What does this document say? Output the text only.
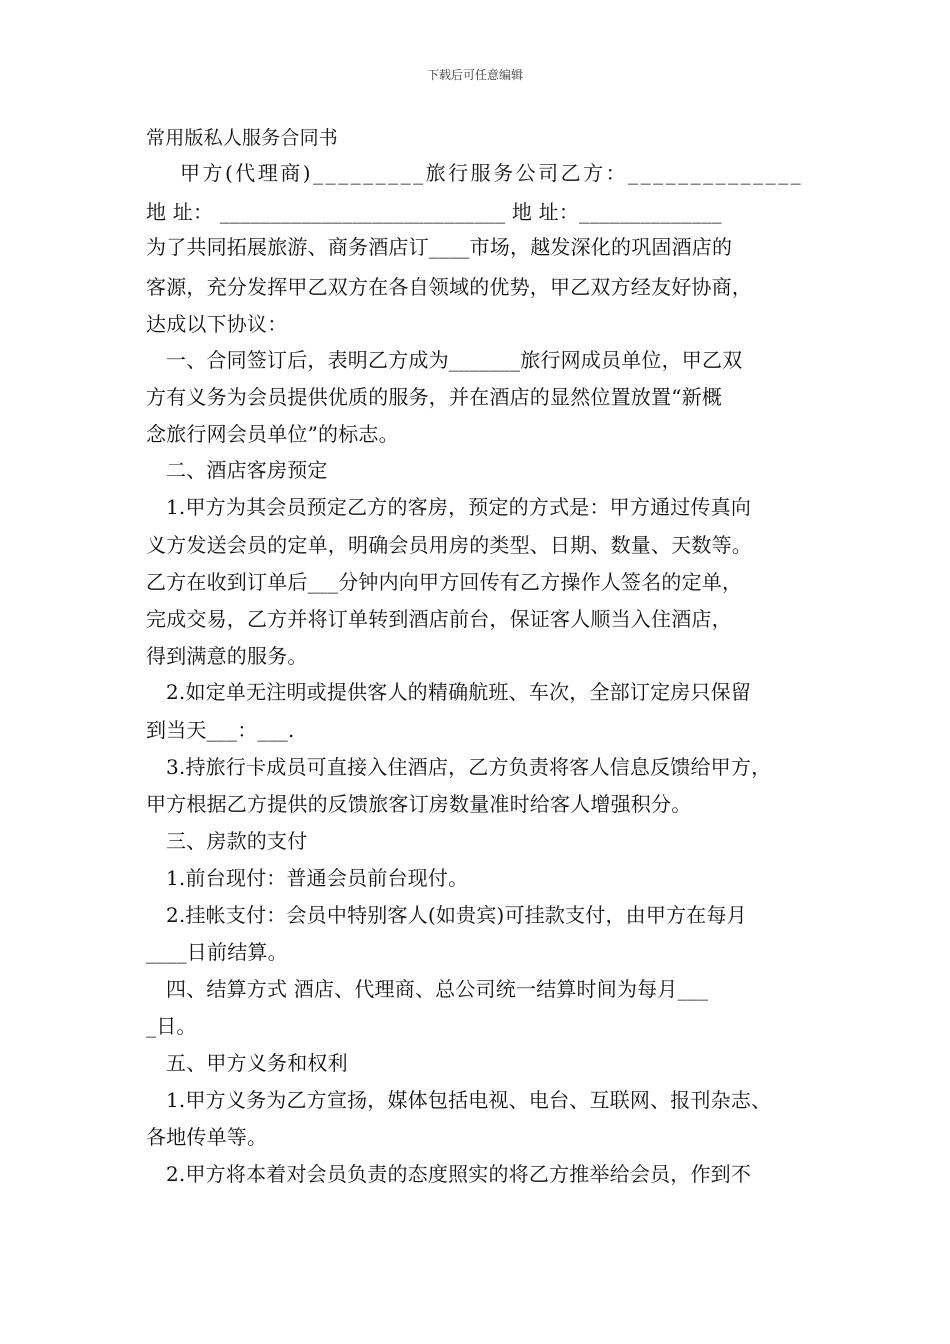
下载后可任意编辑
常用版私人服务合同书
甲方(代理商)_________旅行服务公司乙方：______________
地 址： ____________________________ 地 址：______________
为了共同拓展旅游、商务酒店订____市场，越发深化的巩固酒店的
客源，充分发挥甲乙双方在各自领域的优势，甲乙双方经友好协商，
达成以下协议：
一、合同签订后，表明乙方成为_______旅行网成员单位，甲乙双
方有义务为会员提供优质的服务，并在酒店的显然位置放置“新概
念旅行网会员单位”的标志。
二、酒店客房预定
1.甲方为其会员预定乙方的客房，预定的方式是：甲方通过传真向
义方发送会员的定单，明确会员用房的类型、日期、数量、天数等。
乙方在收到订单后___分钟内向甲方回传有乙方操作人签名的定单，
完成交易，乙方并将订单转到酒店前台，保证客人顺当入住酒店，
得到满意的服务。
2.如定单无注明或提供客人的精确航班、车次，全部订定房只保留
到当天___：___.
3.持旅行卡成员可直接入住酒店，乙方负责将客人信息反馈给甲方，
甲方根据乙方提供的反馈旅客订房数量准时给客人增强积分。
三、房款的支付
1.前台现付：普通会员前台现付。
2.挂帐支付：会员中特别客人(如贵宾)可挂款支付，由甲方在每月
____日前结算。
四、结算方式 酒店、代理商、总公司统一结算时间为每月___
_日。
五、甲方义务和权利
1.甲方义务为乙方宣扬，媒体包括电视、电台、互联网、报刊杂志、
各地传单等。
2.甲方将本着对会员负责的态度照实的将乙方推举给会员，作到不
